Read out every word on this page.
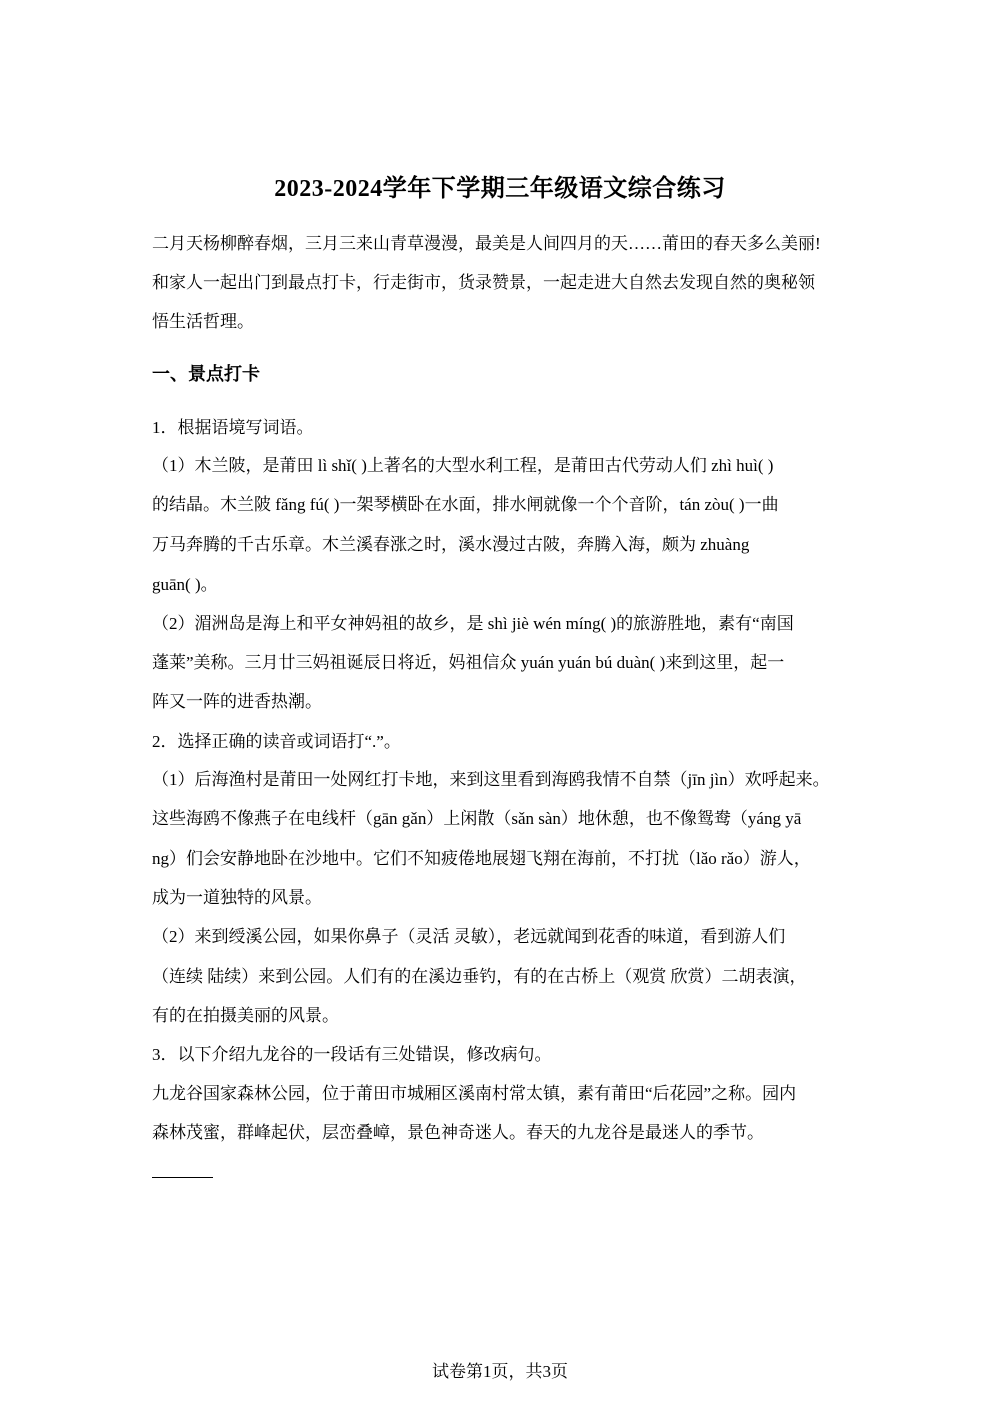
2023-2024学年下学期三年级语文综合练习
二月天杨柳醉春烟，三月三来山青草漫漫，最美是人间四月的天……莆田的春天多么美丽!
和家人一起出门到最点打卡，行走街市，货录赞景，一起走进大自然去发现自然的奥秘领
悟生活哲理。
一、景点打卡
1．根据语境写词语。
（1）木兰陂，是莆田 lì shǐ( )上著名的大型水利工程，是莆田古代劳动人们 zhì huì( )
的结晶。木兰陂 fǎng fú( )一架琴横卧在水面，排水闸就像一个个音阶，tán zòu( )一曲
万马奔腾的千古乐章。木兰溪春涨之时，溪水漫过古陂，奔腾入海，颇为 zhuàng
guān( )。
（2）湄洲岛是海上和平女神妈祖的故乡，是 shì jiè wén míng( )的旅游胜地，素有“南国
蓬莱”美称。三月廿三妈祖诞辰日将近，妈祖信众 yuán yuán bú duàn( )来到这里，起一
阵又一阵的进香热潮。
2．选择正确的读音或词语打“.”。
（1）后海渔村是莆田一处网红打卡地，来到这里看到海鸥我情不自禁（jīn jìn）欢呼起来。
这些海鸥不像燕子在电线杆（gān gǎn）上闲散（sǎn sàn）地休憩，也不像鸳鸯（yáng yā
ng）们会安静地卧在沙地中。它们不知疲倦地展翅飞翔在海前，不打扰（lǎo rǎo）游人，
成为一道独特的风景。
（2）来到绶溪公园，如果你鼻子（灵活 灵敏），老远就闻到花香的味道，看到游人们
（连续 陆续）来到公园。人们有的在溪边垂钓，有的在古桥上（观赏 欣赏）二胡表演，
有的在拍摄美丽的风景。
3．以下介绍九龙谷的一段话有三处错误，修改病句。
九龙谷国家森林公园，位于莆田市城厢区溪南村常太镇，素有莆田“后花园”之称。园内
森林茂蜜，群峰起伏，层峦叠嶂，景色神奇迷人。春天的九龙谷是最迷人的季节。
试卷第1页，共3页
